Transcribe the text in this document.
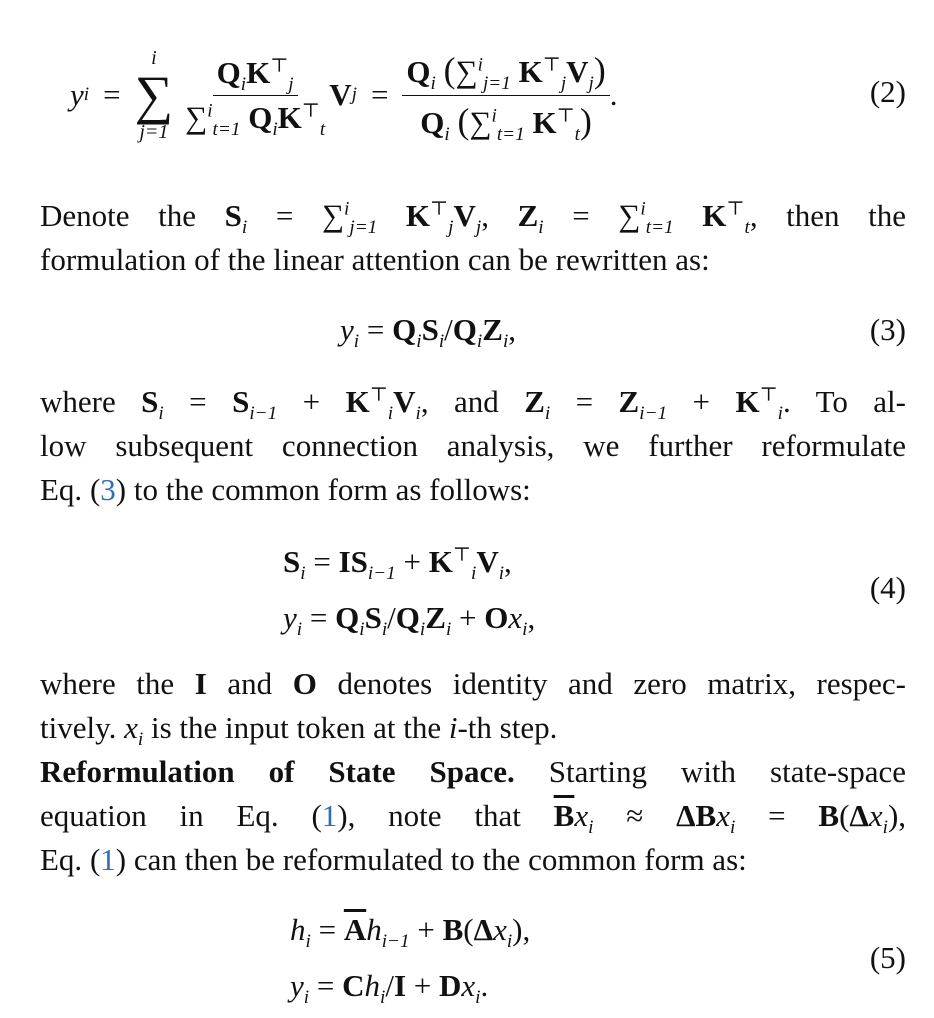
y i =
i
∑
$j=1 \frac{Q_iK^⊤_j}{\sum^i_{t=1} Q_iK^⊤_t}$ V $j = \frac{Q_i (\sum^i_{j=1} K^⊤_jV_j)}{Q_i (\sum^i_{t=1} K^⊤_t)}$ .	(2)
Denote the $S_i = \sum^i_{j=1}$ $K^⊤_jV_j$, $Z_i = \sum^i_{t=1}$ $K^⊤_t$, then the
formulation of the linear attention can be rewritten as:
$y_i = Q_iS_i/Q_iZ_i$,	(3)
where $S_i = S_{i-1} + K^⊤_iV_i$, and $Z_i = Z_{i-1} + K^⊤_i$. To al-
low subsequent connection analysis, we further reformulate
Eq. (3) to the common form as follows:
$S_i = IS_{i-1} + K^⊤_iV_i$,
$y_i = Q_iS_i/Q_iZ_i + Ox_i$,
(4)
where the I and O denotes identity and zero matrix, respec-
tively. $x_i$ is the input token at the i-th step.
Reformulation of State Space. Starting with state-space
equation in Eq. (1), note that $\overline{B}x_i \approx \Delta Bx_i = B(\Delta x_i)$,
Eq. (1) can then be reformulated to the common form as:
$h_i = \overline{A}h_{i-1} + B(\Delta x_i)$,
$y_i = Ch_i/I + Dx_i$.
(5)
